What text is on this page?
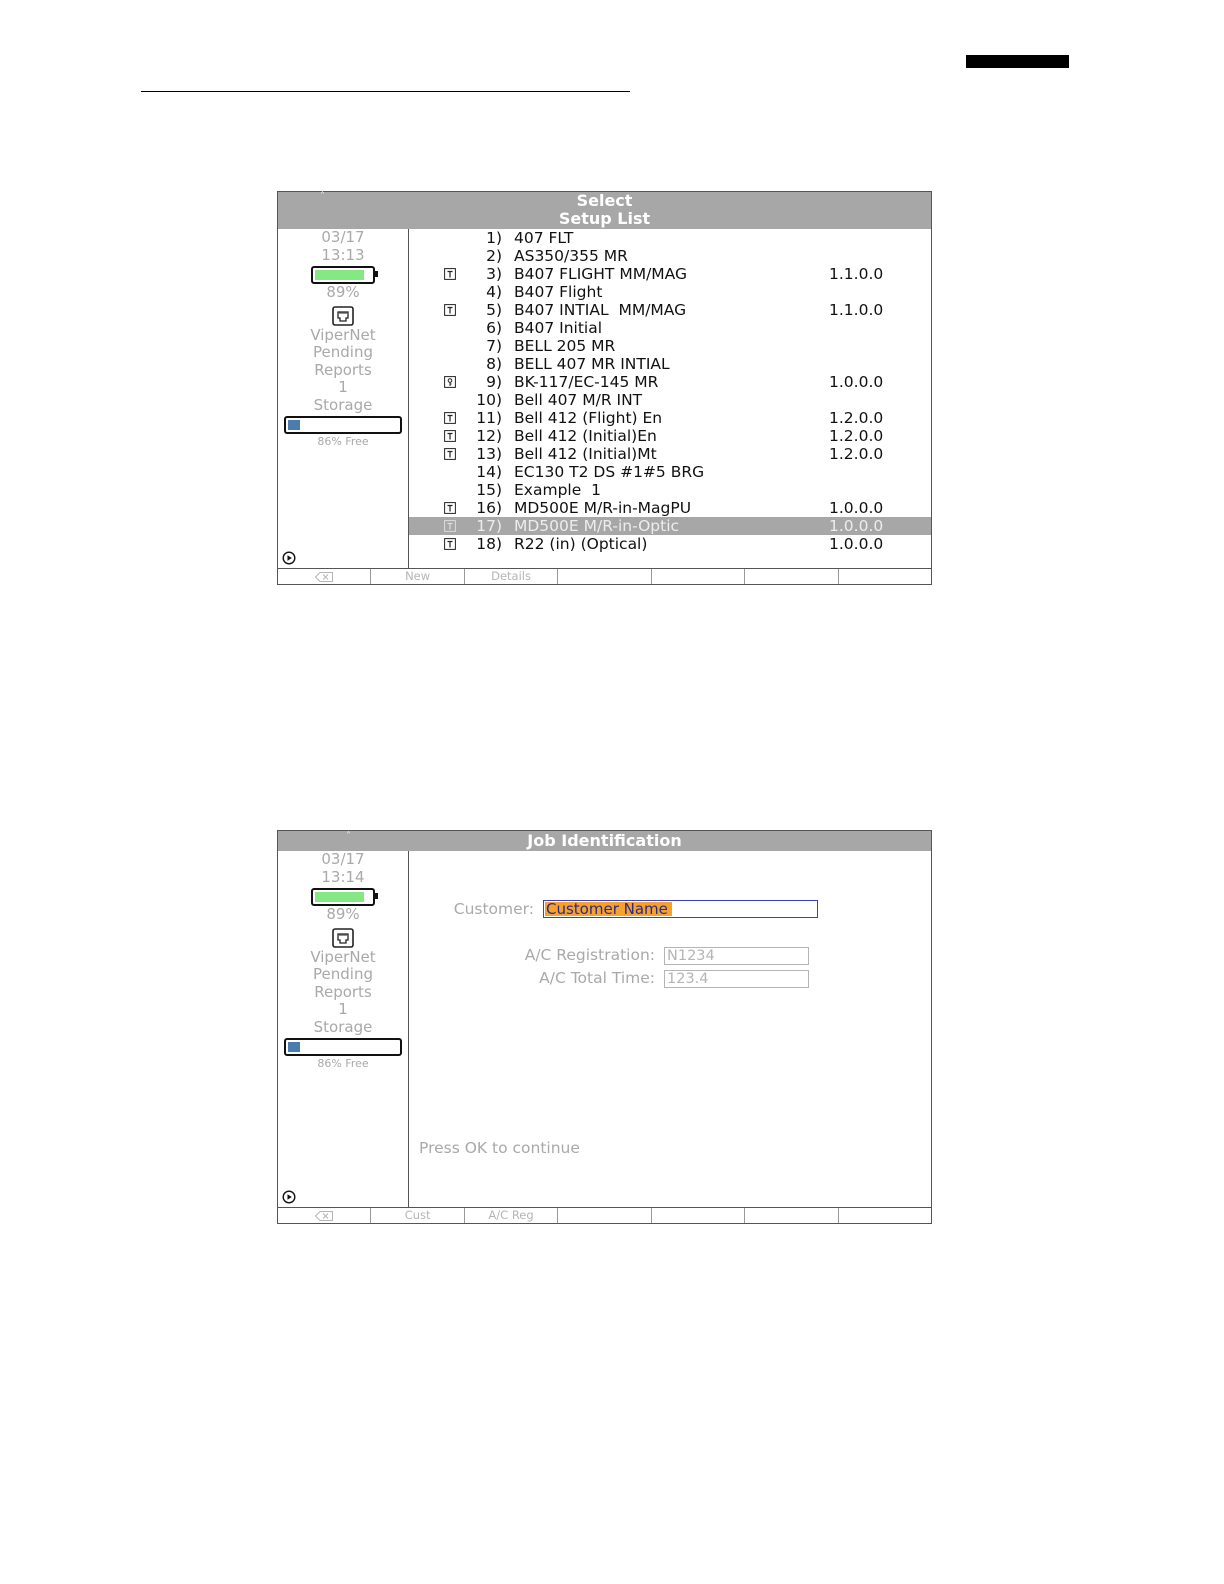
˄	Select
Setup List
03/17
13:13
89%
ViperNet
Pending
Reports
1
Storage
86% Free
1) 407 FLT
2) AS350/355 MR
3) B407 FLIGHT MM/MAG	1.1.0.0
4) B407 Flight
5) B407 INTIAL  MM/MAG	1.1.0.0
6) B407 Initial
7) BELL 205 MR
8) BELL 407 MR INTIAL
9) BK-117/EC-145 MR	1.0.0.0
10) Bell 407 M/R INT
11) Bell 412 (Flight) En	1.2.0.0
12) Bell 412 (Initial)En	1.2.0.0
13) Bell 412 (Initial)Mt	1.2.0.0
14) EC130 T2 DS #1#5 BRG
15) Example  1
16) MD500E M/R-in-MagPU	1.0.0.0
17) MD500E M/R-in-Optic	1.0.0.0
18) R22 (in) (Optical)	1.0.0.0
New	Details
˄	Job Identification
03/17
13:14
89%
ViperNet
Pending
Reports
1
Storage
86% Free
Customer: Customer Name
A/C Registration: N1234
A/C Total Time: 123.4
Press OK to continue
Cust	A/C Reg
